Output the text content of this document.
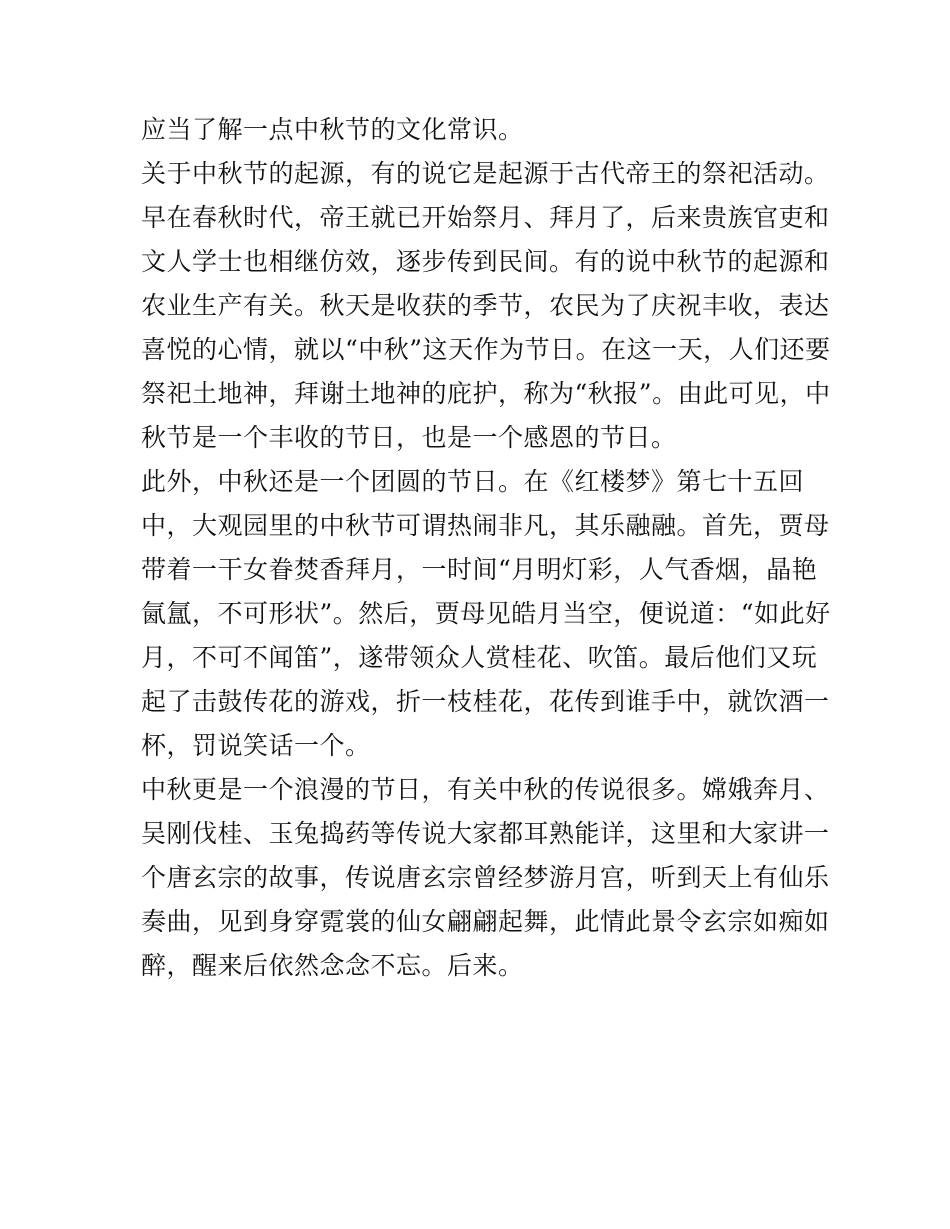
应当了解一点中秋节的文化常识。
关于中秋节的起源，有的说它是起源于古代帝王的祭祀活动。
早在春秋时代，帝王就已开始祭月、拜月了，后来贵族官吏和
文人学士也相继仿效，逐步传到民间。有的说中秋节的起源和
农业生产有关。秋天是收获的季节，农民为了庆祝丰收，表达
喜悦的心情，就以“中秋”这天作为节日。在这一天，人们还要
祭祀土地神，拜谢土地神的庇护，称为“秋报”。由此可见，中
秋节是一个丰收的节日，也是一个感恩的节日。
此外，中秋还是一个团圆的节日。在《红楼梦》第七十五回
中，大观园里的中秋节可谓热闹非凡，其乐融融。首先，贾母
带着一干女眷焚香拜月，一时间“月明灯彩，人气香烟，晶艳
氤氲，不可形状”。然后，贾母见皓月当空，便说道：“如此好
月，不可不闻笛”，遂带领众人赏桂花、吹笛。最后他们又玩
起了击鼓传花的游戏，折一枝桂花，花传到谁手中，就饮酒一
杯，罚说笑话一个。
中秋更是一个浪漫的节日，有关中秋的传说很多。嫦娥奔月、
吴刚伐桂、玉兔捣药等传说大家都耳熟能详，这里和大家讲一
个唐玄宗的故事，传说唐玄宗曾经梦游月宫，听到天上有仙乐
奏曲，见到身穿霓裳的仙女翩翩起舞，此情此景令玄宗如痴如
醉，醒来后依然念念不忘。后来。
